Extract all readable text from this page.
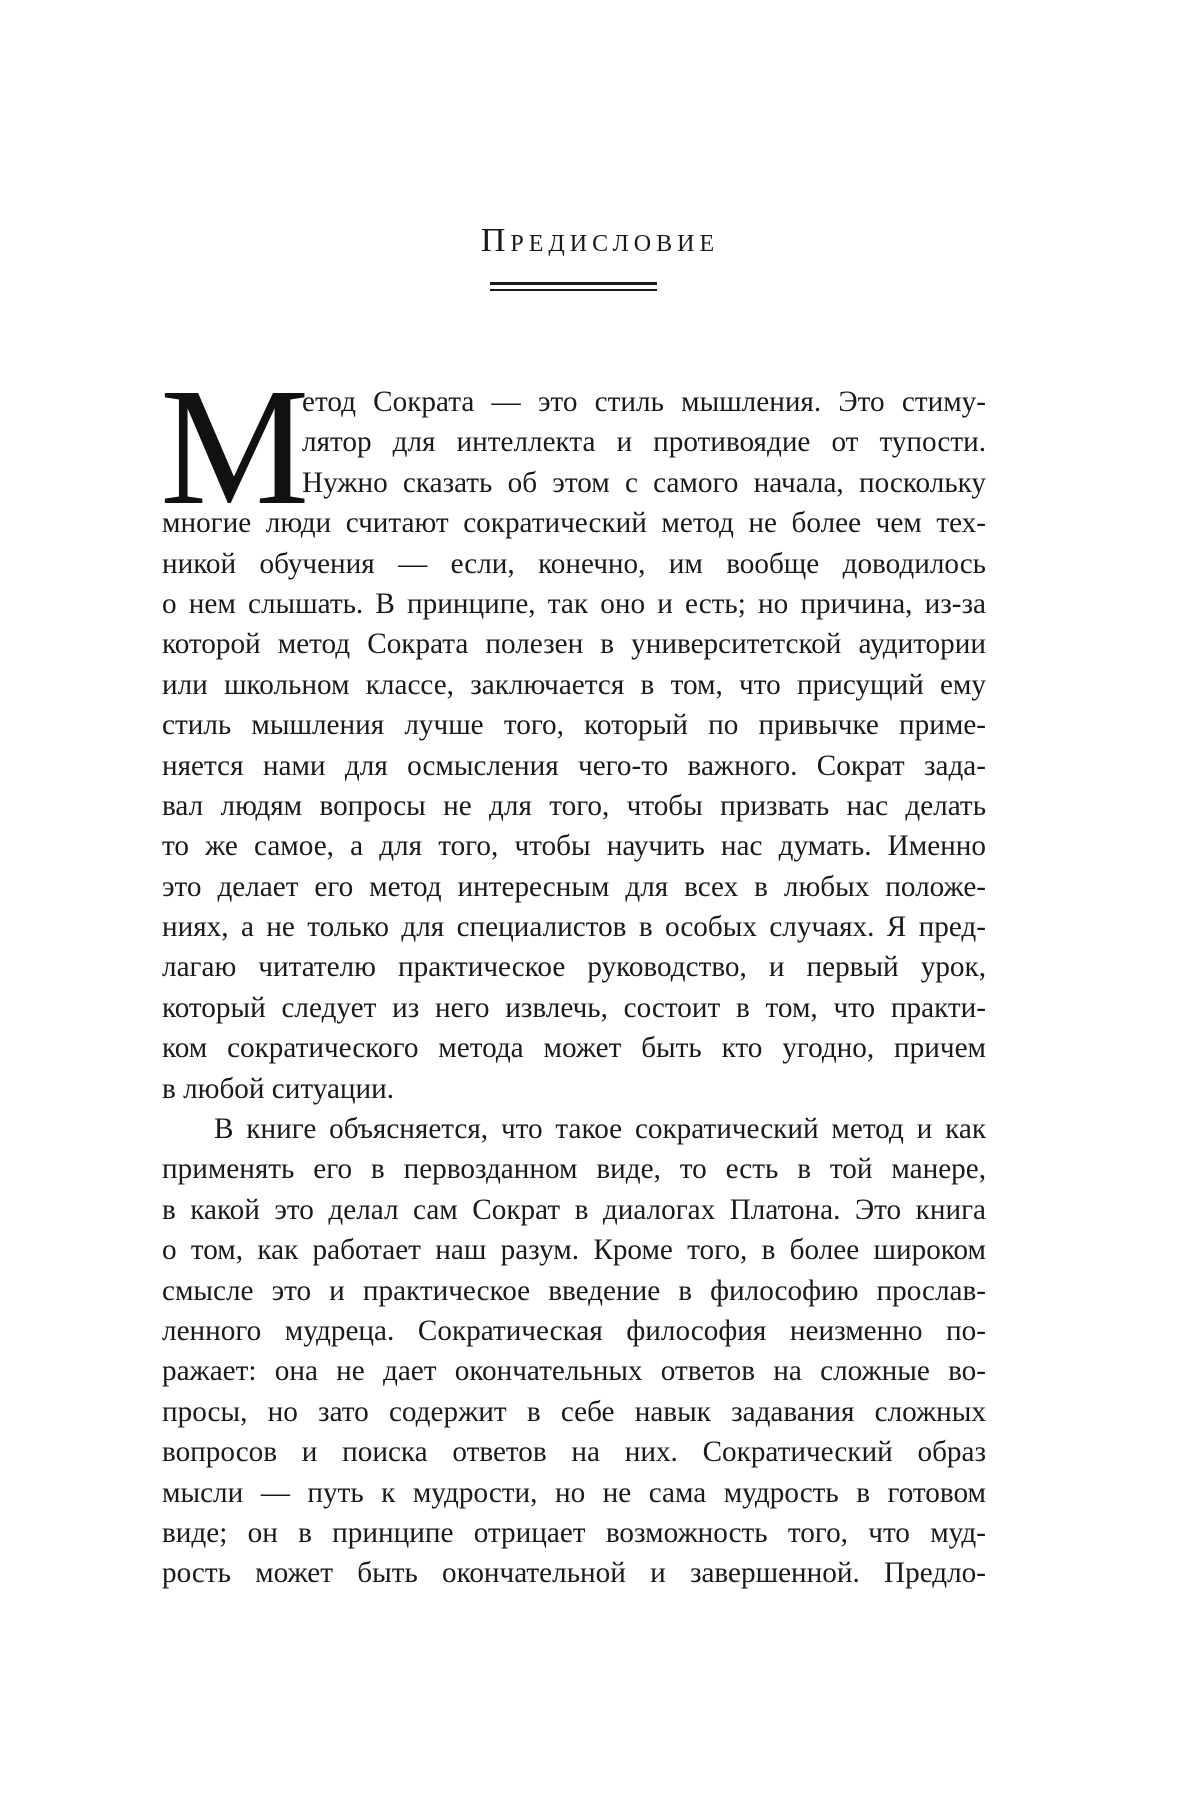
Предисловие
М
етод Сократа — это стиль мышления. Это стиму-
лятор для интеллекта и противоядие от тупости.
Нужно сказать об этом с самого начала, поскольку
многие люди считают сократический метод не более чем тех-
никой обучения — если, конечно, им вообще доводилось
о нем слышать. В принципе, так оно и есть; но причина, из-за
которой метод Сократа полезен в университетской аудитории
или школьном классе, заключается в том, что присущий ему
стиль мышления лучше того, который по привычке приме-
няется нами для осмысления чего-то важного. Сократ зада-
вал людям вопросы не для того, чтобы призвать нас делать
то же самое, а для того, чтобы научить нас думать. Именно
это делает его метод интересным для всех в любых положе-
ниях, а не только для специалистов в особых случаях. Я пред-
лагаю читателю практическое руководство, и первый урок,
который следует из него извлечь, состоит в том, что практи-
ком сократического метода может быть кто угодно, причем
в любой ситуации.
В книге объясняется, что такое сократический метод и как
применять его в первозданном виде, то есть в той манере,
в какой это делал сам Сократ в диалогах Платона. Это книга
о том, как работает наш разум. Кроме того, в более широком
смысле это и практическое введение в философию прослав-
ленного мудреца. Сократическая философия неизменно по-
ражает: она не дает окончательных ответов на сложные во-
просы, но зато содержит в себе навык задавания сложных
вопросов и поиска ответов на них. Сократический образ
мысли — путь к мудрости, но не сама мудрость в готовом
виде; он в принципе отрицает возможность того, что муд-
рость может быть окончательной и завершенной. Предло-
